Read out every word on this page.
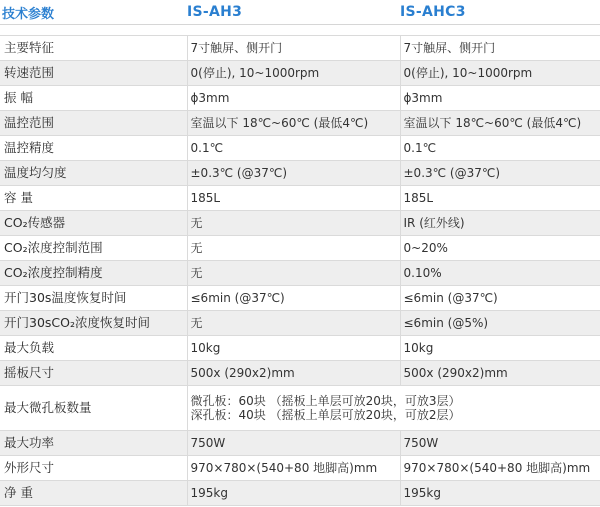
技术参数	IS-AH3	IS-AHC3

主要特征	7寸触屏、侧开门	7寸触屏、侧开门
转速范围	0(停止), 10~1000rpm	0(停止), 10~1000rpm
振 幅	ϕ3mm	ϕ3mm
温控范围	室温以下 18℃~60℃ (最低4℃)	室温以下 18℃~60℃ (最低4℃)
温控精度	0.1℃	0.1℃
温度均匀度	±0.3℃ (@37℃)	±0.3℃ (@37℃)
容 量	185L	185L
CO₂传感器	无	IR (红外线)
CO₂浓度控制范围	无	0~20%
CO₂浓度控制精度	无	0.10%
开门30s温度恢复时间	≤6min (@37℃)	≤6min (@37℃)
开门30sCO₂浓度恢复时间	无	≤6min (@5%)
最大负载	10kg	10kg
摇板尺寸	500x (290x2)mm	500x (290x2)mm
最大微孔板数量	微孔板：60块 （摇板上单层可放20块，可放3层）
深孔板：40块 （摇板上单层可放20块，可放2层）	

最大功率	750W	750W
外形尺寸	970×780×(540+80 地脚高)mm	970×780×(540+80 地脚高)mm
净 重	195kg	195kg
